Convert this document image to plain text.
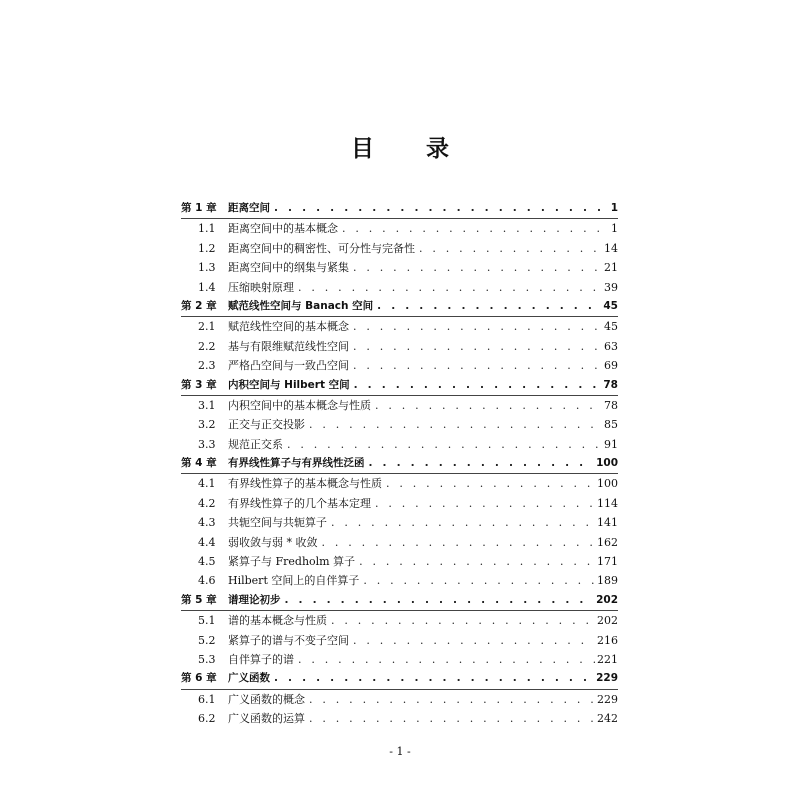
目 录
第 1 章	距离空间 . . .	1
1.1	距离空间中的基本概念 . . .	1
1.2	距离空间中的稠密性、可分性与完备性 . . .	14
1.3	距离空间中的纲集与紧集 . . .	21
1.4	压缩映射原理 . . .	39
第 2 章	赋范线性空间与 Banach 空间 . . .	45
2.1	赋范线性空间的基本概念 . . .	45
2.2	基与有限维赋范线性空间 . . .	63
2.3	严格凸空间与一致凸空间 . . .	69
第 3 章	内积空间与 Hilbert 空间 . . .	78
3.1	内积空间中的基本概念与性质 . . .	78
3.2	正交与正交投影 . . .	85
3.3	规范正交系 . . .	91
第 4 章	有界线性算子与有界线性泛函 . . .	100
4.1	有界线性算子的基本概念与性质 . . .	100
4.2	有界线性算子的几个基本定理 . . .	114
4.3	共轭空间与共轭算子 . . .	141
4.4	弱收敛与弱 * 收敛 . . .	162
4.5	紧算子与 Fredholm 算子 . . .	171
4.6	Hilbert 空间上的自伴算子 . . .	189
第 5 章	谱理论初步 . . .	202
5.1	谱的基本概念与性质 . . .	202
5.2	紧算子的谱与不变子空间 . . .	216
5.3	自伴算子的谱 . . .	221
第 6 章	广义函数 . . .	229
6.1	广义函数的概念 . . .	229
6.2	广义函数的运算 . . .	242
- 1 -
